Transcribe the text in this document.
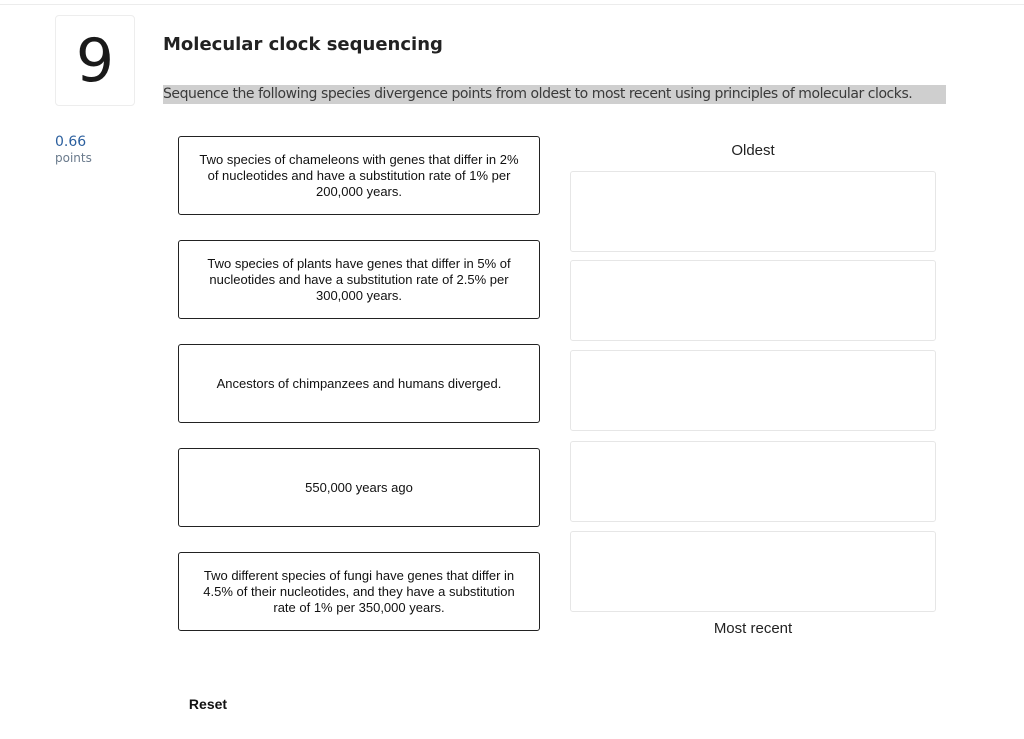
9
0.66
points
Molecular clock sequencing
Sequence the following species divergence points from oldest to most recent using principles of molecular clocks.
Two species of chameleons with genes that differ in 2% of nucleotides and have a substitution rate of 1% per 200,000 years.
Two species of plants have genes that differ in 5% of nucleotides and have a substitution rate of 2.5% per 300,000 years.
Ancestors of chimpanzees and humans diverged.
550,000 years ago
Two different species of fungi have genes that differ in 4.5% of their nucleotides, and they have a substitution rate of 1% per 350,000 years.
Oldest
Most recent
Reset
